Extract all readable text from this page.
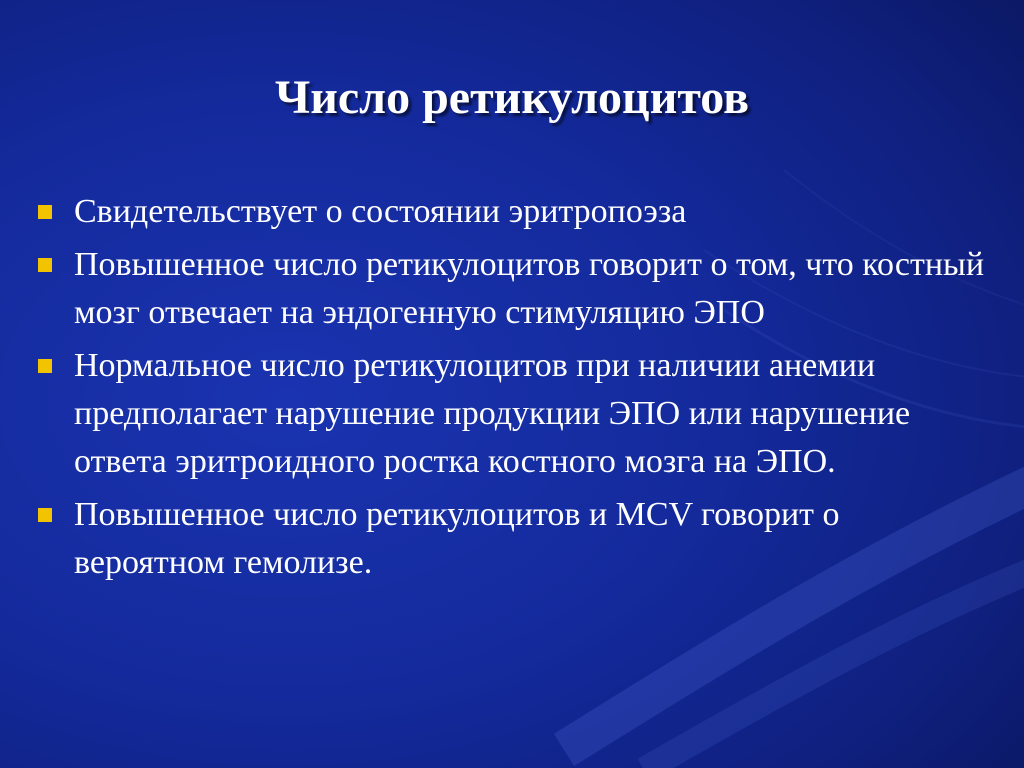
Число ретикулоцитов
Свидетельствует о состоянии эритропоэза
Повышенное число ретикулоцитов говорит о том, что костный мозг отвечает на эндогенную стимуляцию ЭПО
Нормальное число ретикулоцитов при наличии анемии предполагает нарушение продукции ЭПО или нарушение ответа эритроидного ростка костного мозга на ЭПО.
Повышенное число ретикулоцитов и MCV говорит о вероятном гемолизе.
